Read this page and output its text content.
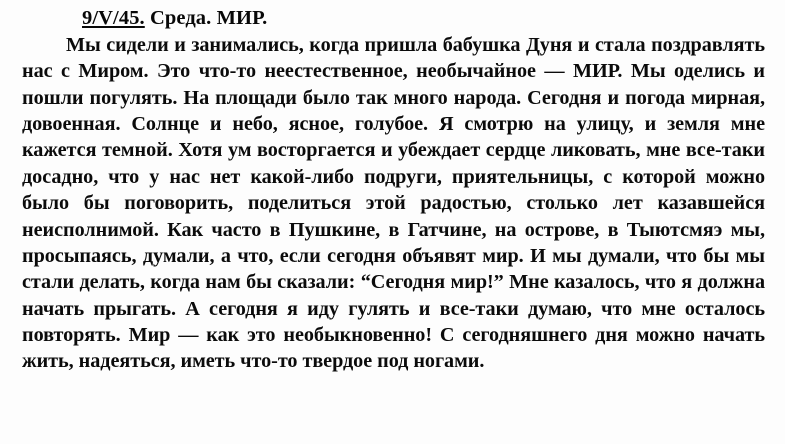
9/V/45. Среда. МИР.

Мы сидели и занимались, когда пришла бабушка Дуня и стала поздравлять нас с Миром. Это что-то неестественное, необычайное — МИР. Мы оделись и пошли погулять. На площади было так много народа. Сегодня и погода мирная, довоенная. Солнце и небо, ясное, голубое. Я смотрю на улицу, и земля мне кажется темной. Хотя ум восторгается и убеждает сердце ликовать, мне все-таки досадно, что у нас нет какой-либо подруги, приятельницы, с которой можно было бы поговорить, поделиться этой радостью, столько лет казавшейся неисполнимой. Как часто в Пушкине, в Гатчине, на острове, в Тыютсмяэ мы, просыпаясь, думали, а что, если сегодня объявят мир. И мы думали, что бы мы стали делать, когда нам бы сказали: “Сегодня мир!” Мне казалось, что я должна начать прыгать. А сегодня я иду гулять и все-таки думаю, что мне осталось повторять. Мир — как это необыкновенно! С сегодняшнего дня можно начать жить, надеяться, иметь что-то твердое под ногами.
